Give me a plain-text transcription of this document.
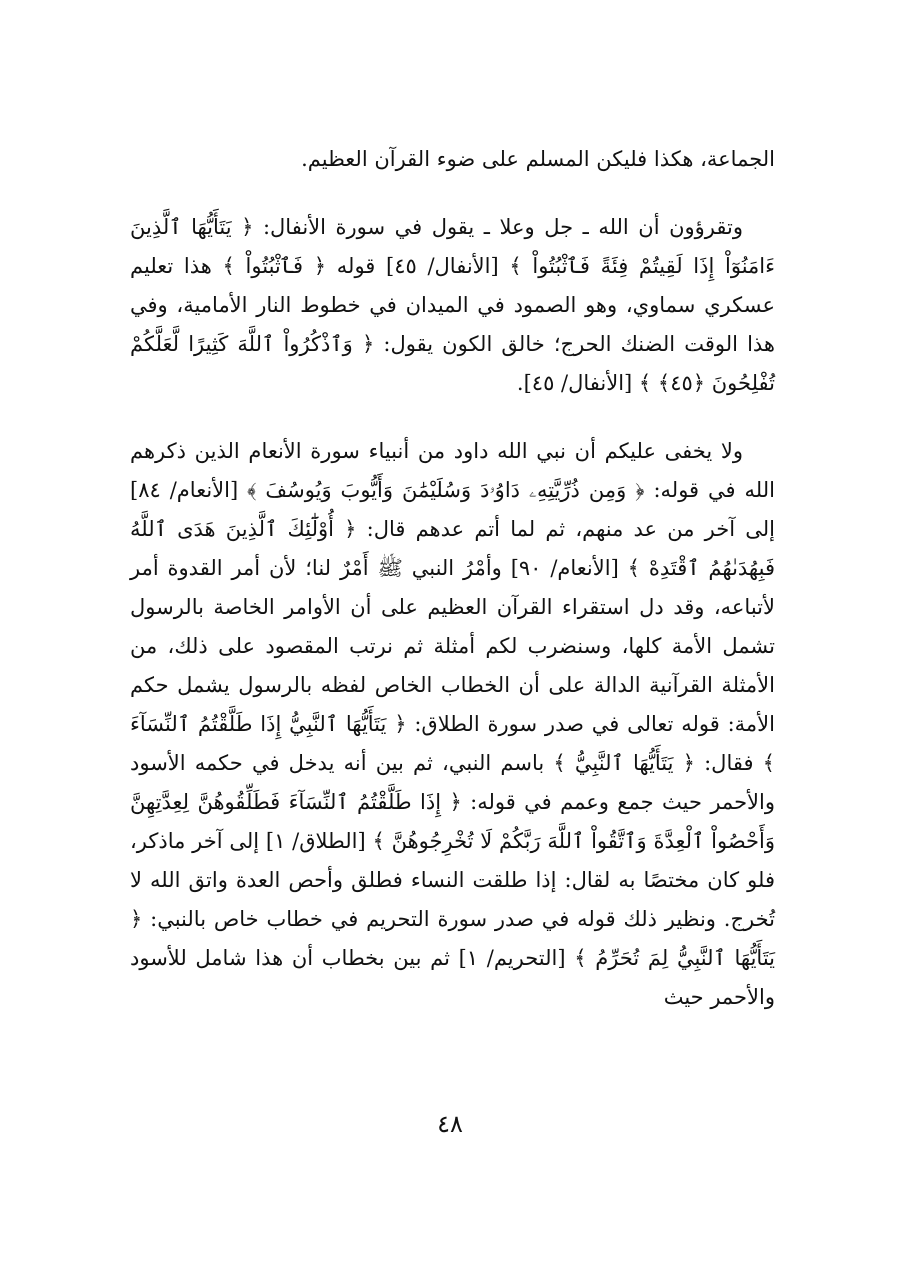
الجماعة، هكذا فليكن المسلم على ضوء القرآن العظيم.

وتقرؤون أن الله ـ جل وعلا ـ يقول في سورة الأنفال: ﴿ يَتَأَيُّهَا ٱلَّذِينَ ءَامَنُوٓاْ إِذَا لَقِيتُمْ فِئَةً فَٱثْبُتُواْ ﴾ [الأنفال/ ٤٥] قوله ﴿ فَٱثْبُتُواْ ﴾ هذا تعليم عسكري سماوي، وهو الصمود في الميدان في خطوط النار الأمامية، وفي هذا الوقت الضنك الحرج؛ خالق الكون يقول: ﴿ وَٱذْكُرُواْ ٱللَّهَ كَثِيرًا لَّعَلَّكُمْ تُفْلِحُونَ ﴿٤٥﴾ ﴾ [الأنفال/ ٤٥].

ولا يخفى عليكم أن نبي الله داود من أنبياء سورة الأنعام الذين ذكرهم الله في قوله: ﴿ وَمِن ذُرِّيَّتِهِۦ دَاوُۥدَ وَسُلَيْمَٰنَ وَأَيُّوبَ وَيُوسُفَ ﴾ [الأنعام/ ٨٤] إلى آخر من عد منهم، ثم لما أتم عدهم قال: ﴿ أُوْلَٰٓئِكَ ٱلَّذِينَ هَدَى ٱللَّهُ فَبِهُدَىٰهُمُ ٱقْتَدِهْ ﴾ [الأنعام/ ٩٠] وأمْرُ النبي ﷺ أَمْرٌ لنا؛ لأن أمر القدوة أمر لأتباعه، وقد دل استقراء القرآن العظيم على أن الأوامر الخاصة بالرسول تشمل الأمة كلها، وسنضرب لكم أمثلة ثم نرتب المقصود على ذلك، من الأمثلة القرآنية الدالة على أن الخطاب الخاص لفظه بالرسول يشمل حكم الأمة: قوله تعالى في صدر سورة الطلاق: ﴿ يَتَأَيُّهَا ٱلنَّبِيُّ إِذَا طَلَّقْتُمُ ٱلنِّسَآءَ ﴾ فقال: ﴿ يَتَأَيُّهَا ٱلنَّبِيُّ ﴾ باسم النبي، ثم بين أنه يدخل في حكمه الأسود والأحمر حيث جمع وعمم في قوله: ﴿ إِذَا طَلَّقْتُمُ ٱلنِّسَآءَ فَطَلِّقُوهُنَّ لِعِدَّتِهِنَّ وَأَحْصُواْ ٱلْعِدَّةَ وَٱتَّقُواْ ٱللَّهَ رَبَّكُمْ لَا تُخْرِجُوهُنَّ ﴾ [الطلاق/ ١] إلى آخر ماذكر، فلو كان مختصًا به لقال: إذا طلقت النساء فطلق وأحص العدة واتق الله لا تُخرج. ونظير ذلك قوله في صدر سورة التحريم في خطاب خاص بالنبي: ﴿ يَتَأَيُّهَا ٱلنَّبِيُّ لِمَ تُحَرِّمُ ﴾ [التحريم/ ١] ثم بين بخطاب أن هذا شامل للأسود والأحمر حيث

٤٨
